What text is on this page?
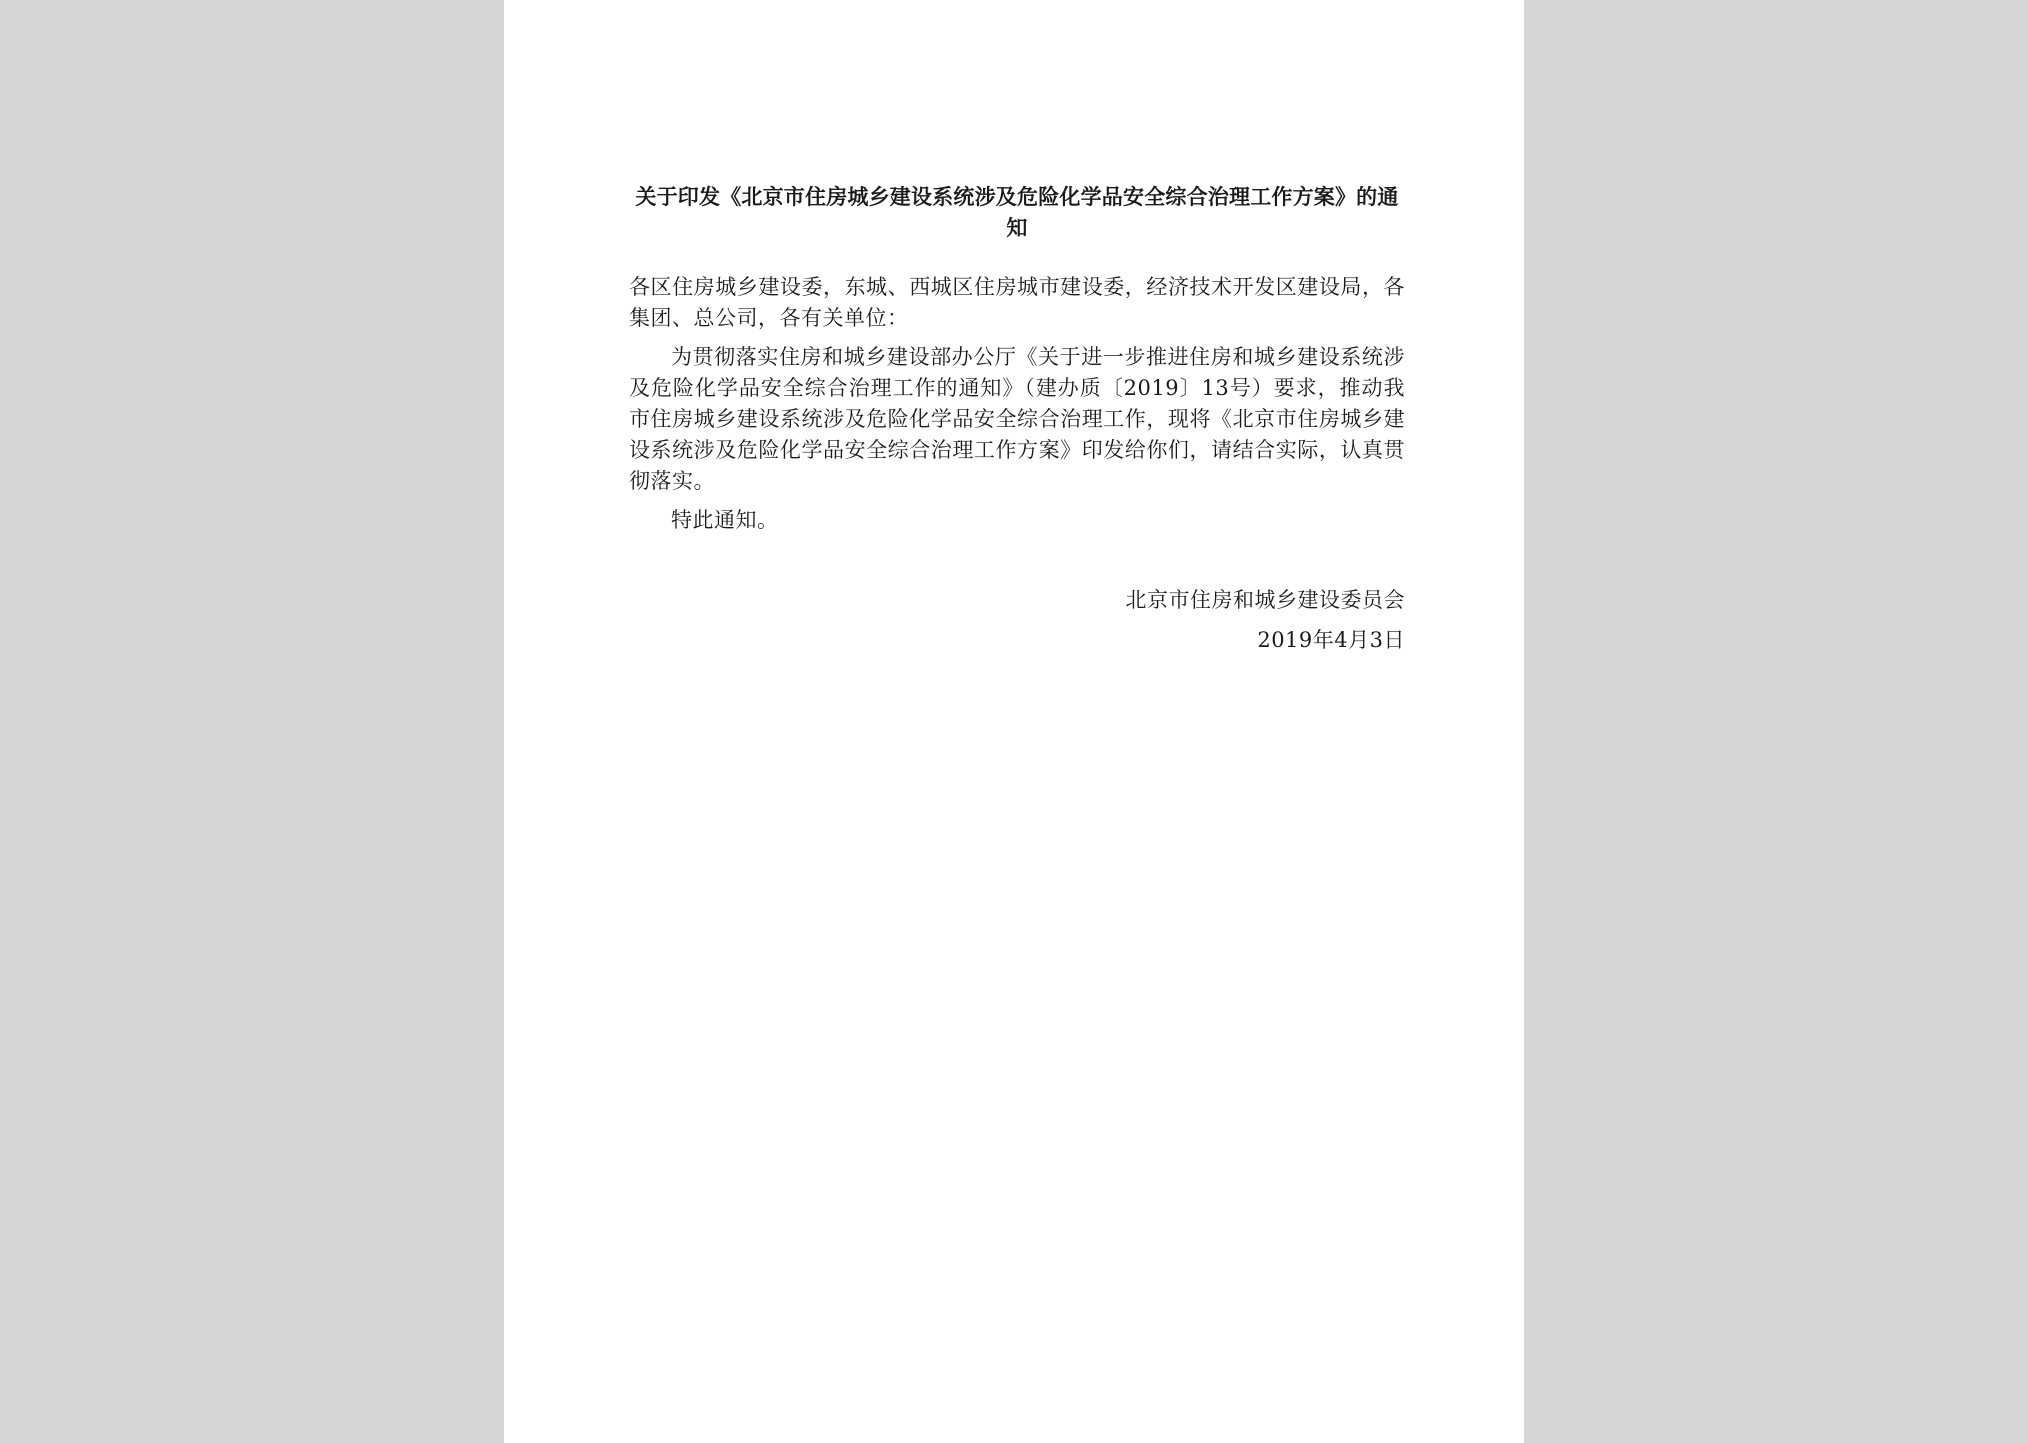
关于印发《北京市住房城乡建设系统涉及危险化学品安全综合治理工作方案》的通知

各区住房城乡建设委，东城、西城区住房城市建设委，经济技术开发区建设局，各集团、总公司，各有关单位：

为贯彻落实住房和城乡建设部办公厅《关于进一步推进住房和城乡建设系统涉及危险化学品安全综合治理工作的通知》（建办质〔2019〕13号）要求，推动我市住房城乡建设系统涉及危险化学品安全综合治理工作，现将《北京市住房城乡建设系统涉及危险化学品安全综合治理工作方案》印发给你们，请结合实际，认真贯彻落实。

特此通知。

北京市住房和城乡建设委员会
2019年4月3日
